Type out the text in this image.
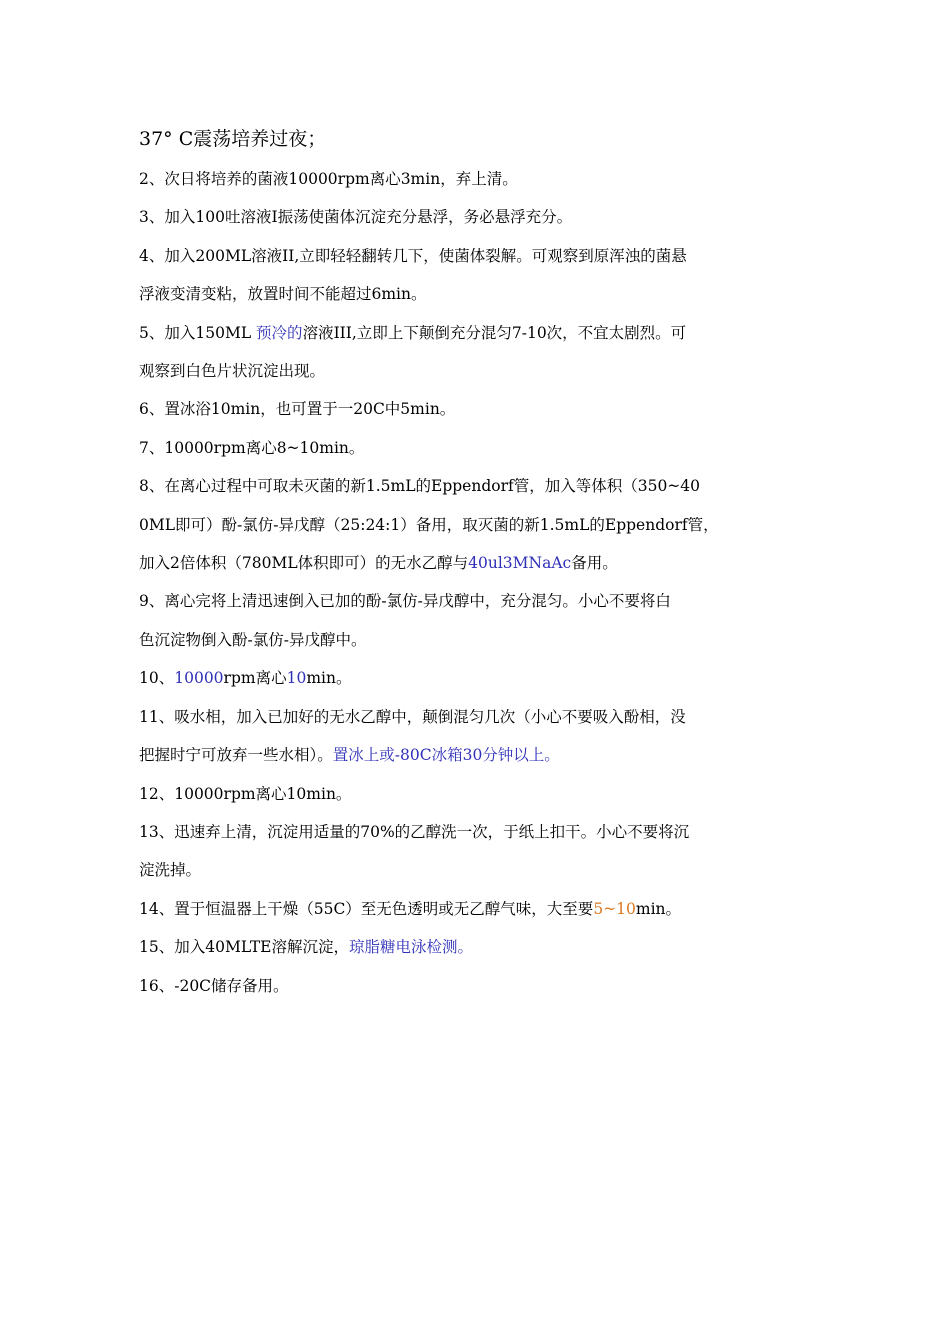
37° C震荡培养过夜；

2、次日将培养的菌液10000rpm离心3min，弃上清。

3、加入100吐溶液I振荡使菌体沉淀充分悬浮，务必悬浮充分。

4、加入200ML溶液II,立即轻轻翻转几下，使菌体裂解。可观察到原浑浊的菌悬

浮液变清变粘，放置时间不能超过6min。

5、加入150ML 预冷的溶液III,立即上下颠倒充分混匀7-10次，不宜太剧烈。可

观察到白色片状沉淀出现。

6、置冰浴10min，也可置于一20C中5min。

7、10000rpm离心8~10min。

8、在离心过程中可取未灭菌的新1.5mL的Eppendorf管，加入等体积（350~40

0ML即可）酚-氯仿-异戊醇（25:24:1）备用，取灭菌的新1.5mL的Eppendorf管，

加入2倍体积（780ML体积即可）的无水乙醇与40ul3MNaAc备用。

9、离心完将上清迅速倒入已加的酚-氯仿-异戊醇中，充分混匀。小心不要将白

色沉淀物倒入酚-氯仿-异戊醇中。

10、10000rpm离心10min。

11、吸水相，加入已加好的无水乙醇中，颠倒混匀几次（小心不要吸入酚相，没

把握时宁可放弃一些水相）。置冰上或-80C冰箱30分钟以上。

12、10000rpm离心10min。

13、迅速弃上清，沉淀用适量的70%的乙醇洗一次，于纸上扣干。小心不要将沉

淀洗掉。

14、置于恒温器上干燥（55C）至无色透明或无乙醇气味，大至要5~10min。

15、加入40MLTE溶解沉淀，琼脂糖电泳检测。

16、-20C储存备用。
